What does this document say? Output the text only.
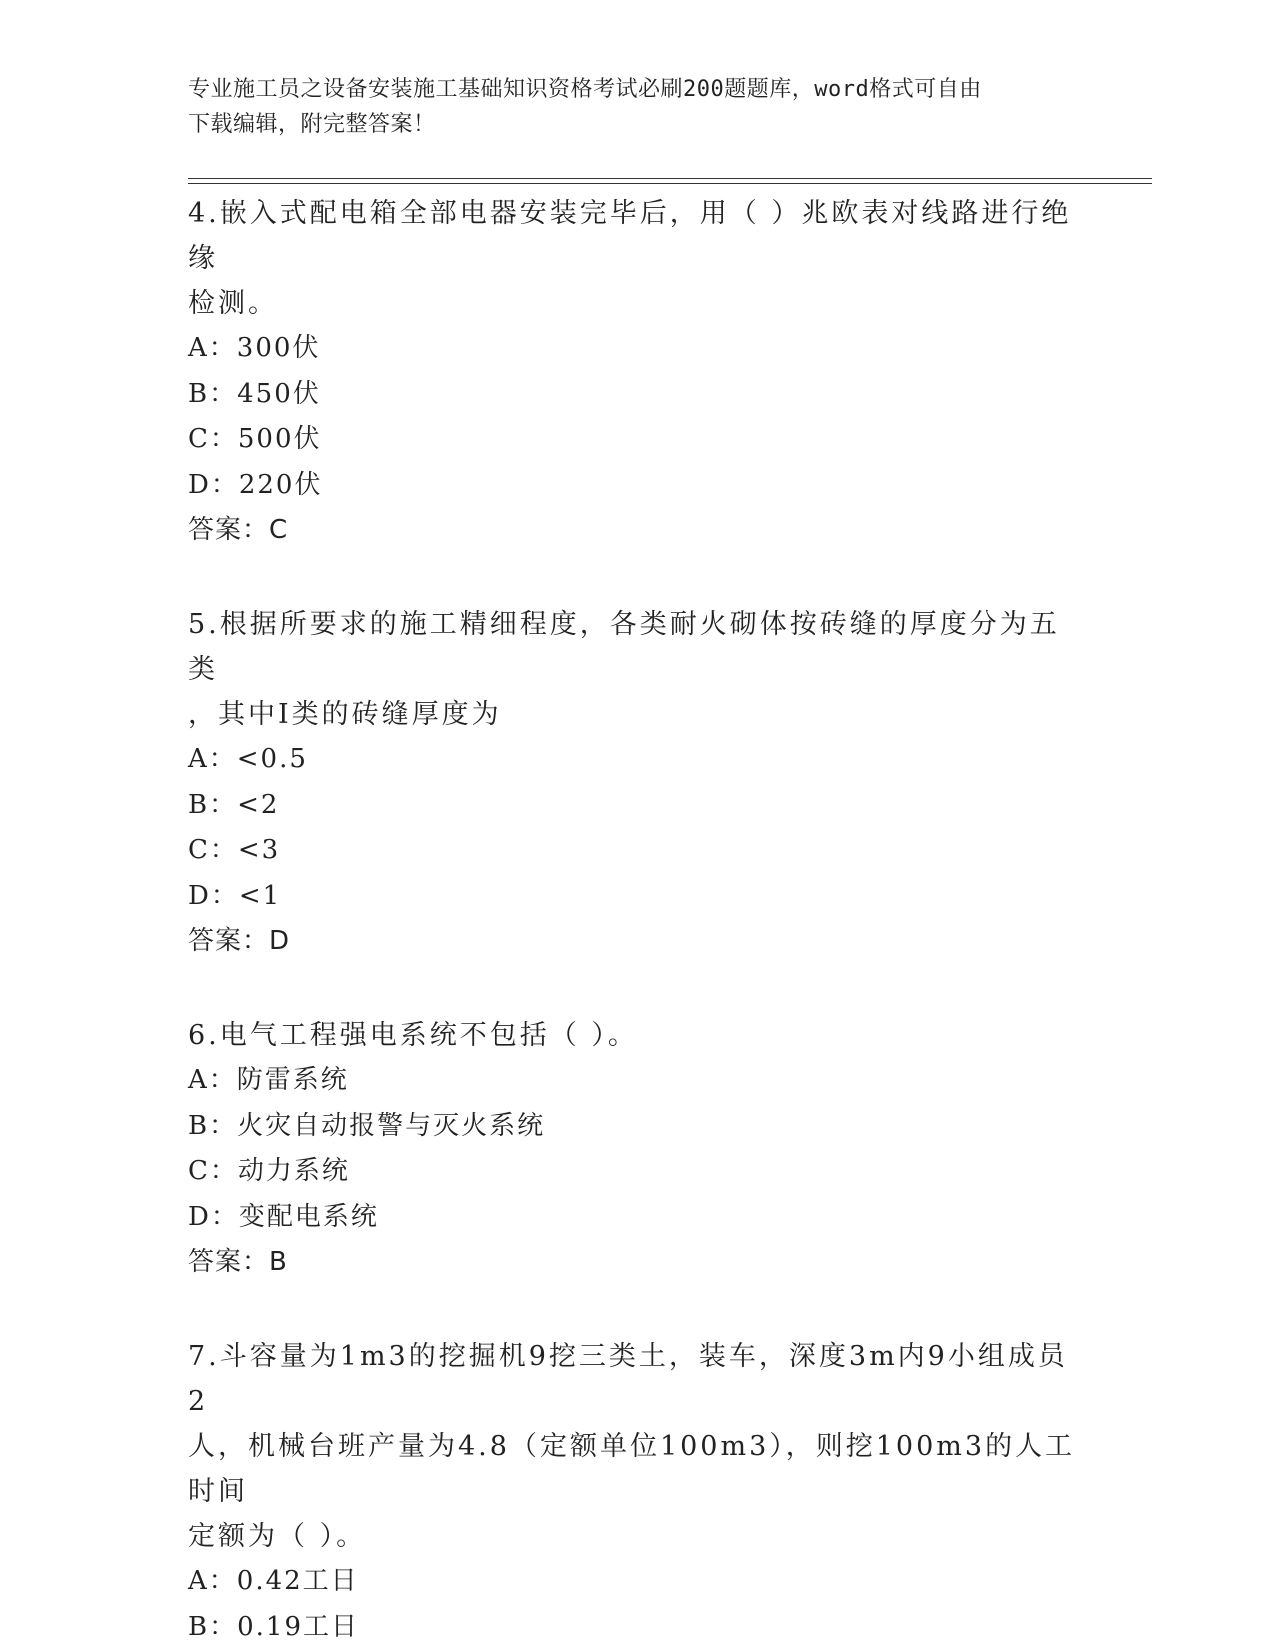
专业施工员之设备安装施工基础知识资格考试必刷200题题库，word格式可自由
下载编辑，附完整答案！

4.嵌入式配电箱全部电器安装完毕后，用（ ）兆欧表对线路进行绝缘

检测。

A：300伏

B：450伏

C：500伏

D：220伏

答案：C

5.根据所要求的施工精细程度，各类耐火砌体按砖缝的厚度分为五类

，其中I类的砖缝厚度为

A：<0.5

B：<2

C：<3

D：<1

答案：D

6.电气工程强电系统不包括（ ）。

A：防雷系统

B：火灾自动报警与灭火系统

C：动力系统

D：变配电系统

答案：B

7.斗容量为1m3的挖掘机9挖三类土，装车，深度3m内9小组成员2

人，机械台班产量为4.8（定额单位100m3），则挖100m3的人工时间

定额为（ ）。

A：0.42工日

B：0.19工日
